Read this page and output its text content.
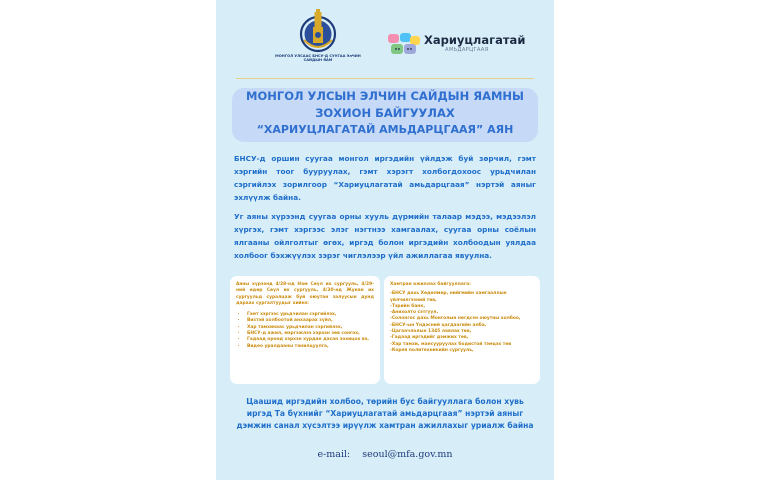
МОНГОЛ УЛСААС БНСУ-Д СУУГАА ЭлЧИН САЙДЫН ЯАМ
Хариуцлагатай
АМЬДАРЦГААЯ
МОНГОЛ УЛСЫН ЭЛЧИН САЙДЫН ЯАМНЫ
ЗОХИОН БАЙГУУЛАХ
“ХАРИУЦЛАГАТАЙ АМЬДАРЦГААЯ” АЯН
БНСУ-д оршин суугаа монгол иргэдийн үйлдэж буй зөрчил, гэмт хэргийн тоог бууруулах, гэмт хэрэгт холбогдохоос урьдчилан сэргийлэх зорилгоор “Хариуцлагатай амьдарцгаая” нэртэй аяныг эхлүүлж байна.
Уг аяны хүрээнд суугаа орны хууль дүрмийн талаар мэдээ, мэдээлэл хүргэх, гэмт хэргээс элэг нэгтнээ хамгаалах, суугаа орны соёлын ялгааны ойлголтыг өгөх, иргэд болон иргэдийн холбоодын уялдаа холбоог бэхжүүлэх зэрэг чиглэлээр үйл ажиллагаа явуулна.

Аяны хүрээнд 4/28-нд Нам Сөүл их сургууль, 4/29-ний өдөр Сөүл их сургууль, 4/30-нд Жунан их сургуульд суралцаж буй оюутан залуусын дунд дараах сургалтуудыг хийнэ:

• Гэмт хэргээс урьдчилан сэргийлэх,
• Визтэй холбоотой анхаарах зүйл,
• Хар тамхинаас урьдчилан сэргийлэх,
• БНСУ-д ажил, мэргэжлээ хэрхэн зөв сонгох,
• Гадаад оронд хэрхэн хурдан дасан зохицох вэ,
• Видео уралдааны танилцуулга,

Хамтран ажиллах байгууллага:

-БНСУ дахь Хөдөлмөр, нийгмийн хамгааллын үйлчилгээний төв,
-Тэрийн банк,
-Анихолто сэтгүүл,
-Солонгос дахь Монголын нөгдсэн оюутны холбоо,
-БНСУ-ын Үндэсний цагдаагийн алба,
-Цагаачлалын 1345 лавлах төв,
-Гадаад иргэдийг дэмжих төв,
-Хар тамхи, мансууруулах бодистой тэмцэх төв
-Корея политехникийн сургууль,
Цаашид иргэдийн холбоо, төрийн бус байгууллага болон хувь иргэд Та бүхнийг “Хариуцлагатай амьдарцгаая” нэртэй аяныг дэмжин санал хүсэлтээ ирүүлж хамтран ажиллахыг уриалж байна
e-mail: seoul@mfa.gov.mn
